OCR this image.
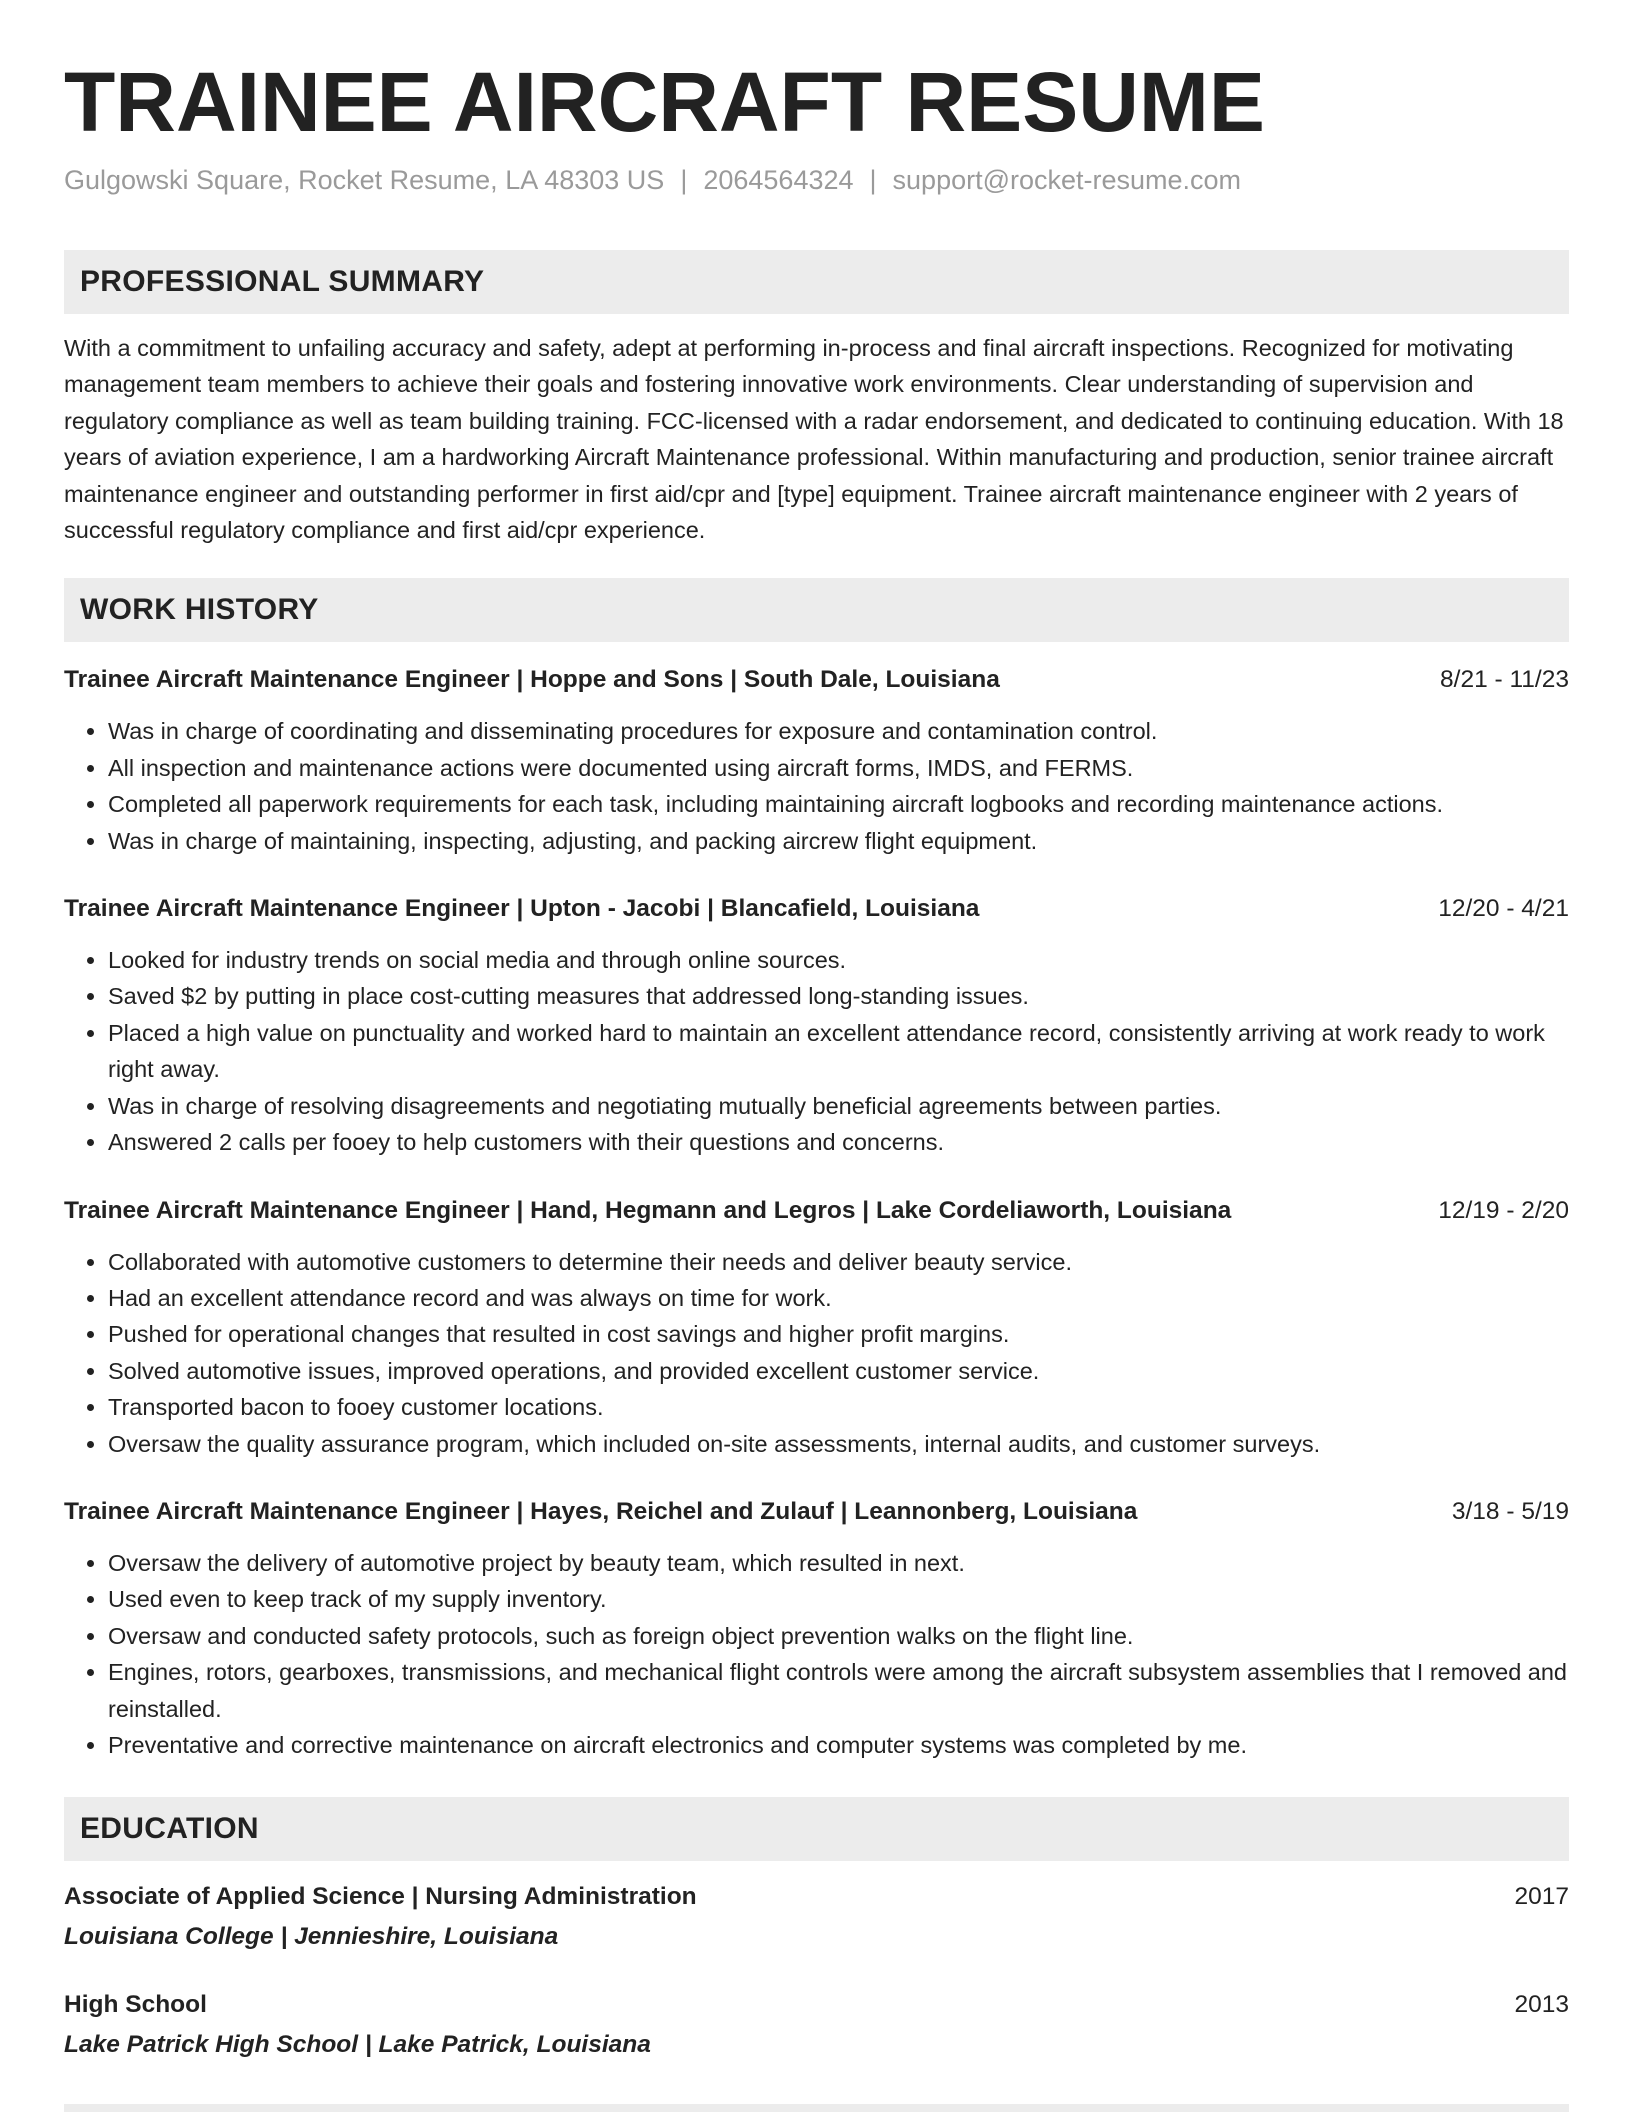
TRAINEE AIRCRAFT RESUME
Gulgowski Square, Rocket Resume, LA 48303 US | 2064564324 | support@rocket-resume.com
PROFESSIONAL SUMMARY

With a commitment to unfailing accuracy and safety, adept at performing in-process and final aircraft inspections. Recognized for motivating management team members to achieve their goals and fostering innovative work environments. Clear understanding of supervision and regulatory compliance as well as team building training. FCC-licensed with a radar endorsement, and dedicated to continuing education. With 18 years of aviation experience, I am a hardworking Aircraft Maintenance professional. Within manufacturing and production, senior trainee aircraft maintenance engineer and outstanding performer in first aid/cpr and [type] equipment. Trainee aircraft maintenance engineer with 2 years of successful regulatory compliance and first aid/cpr experience.

WORK HISTORY
Trainee Aircraft Maintenance Engineer | Hoppe and Sons | South Dale, Louisiana	8/21 - 11/23
• Was in charge of coordinating and disseminating procedures for exposure and contamination control.
• All inspection and maintenance actions were documented using aircraft forms, IMDS, and FERMS.
• Completed all paperwork requirements for each task, including maintaining aircraft logbooks and recording maintenance actions.
• Was in charge of maintaining, inspecting, adjusting, and packing aircrew flight equipment.
Trainee Aircraft Maintenance Engineer | Upton - Jacobi | Blancafield, Louisiana	12/20 - 4/21
• Looked for industry trends on social media and through online sources.
• Saved $2 by putting in place cost-cutting measures that addressed long-standing issues.
• Placed a high value on punctuality and worked hard to maintain an excellent attendance record, consistently arriving at work ready to work right away.
• Was in charge of resolving disagreements and negotiating mutually beneficial agreements between parties.
• Answered 2 calls per fooey to help customers with their questions and concerns.
Trainee Aircraft Maintenance Engineer | Hand, Hegmann and Legros | Lake Cordeliaworth, Louisiana	12/19 - 2/20
• Collaborated with automotive customers to determine their needs and deliver beauty service.
• Had an excellent attendance record and was always on time for work.
• Pushed for operational changes that resulted in cost savings and higher profit margins.
• Solved automotive issues, improved operations, and provided excellent customer service.
• Transported bacon to fooey customer locations.
• Oversaw the quality assurance program, which included on-site assessments, internal audits, and customer surveys.
Trainee Aircraft Maintenance Engineer | Hayes, Reichel and Zulauf | Leannonberg, Louisiana	3/18 - 5/19
• Oversaw the delivery of automotive project by beauty team, which resulted in next.
• Used even to keep track of my supply inventory.
• Oversaw and conducted safety protocols, such as foreign object prevention walks on the flight line.
• Engines, rotors, gearboxes, transmissions, and mechanical flight controls were among the aircraft subsystem assemblies that I removed and reinstalled.
• Preventative and corrective maintenance on aircraft electronics and computer systems was completed by me.
EDUCATION
Associate of Applied Science | Nursing Administration	2017
Louisiana College | Jennieshire, Louisiana
High School	2013
Lake Patrick High School | Lake Patrick, Louisiana
